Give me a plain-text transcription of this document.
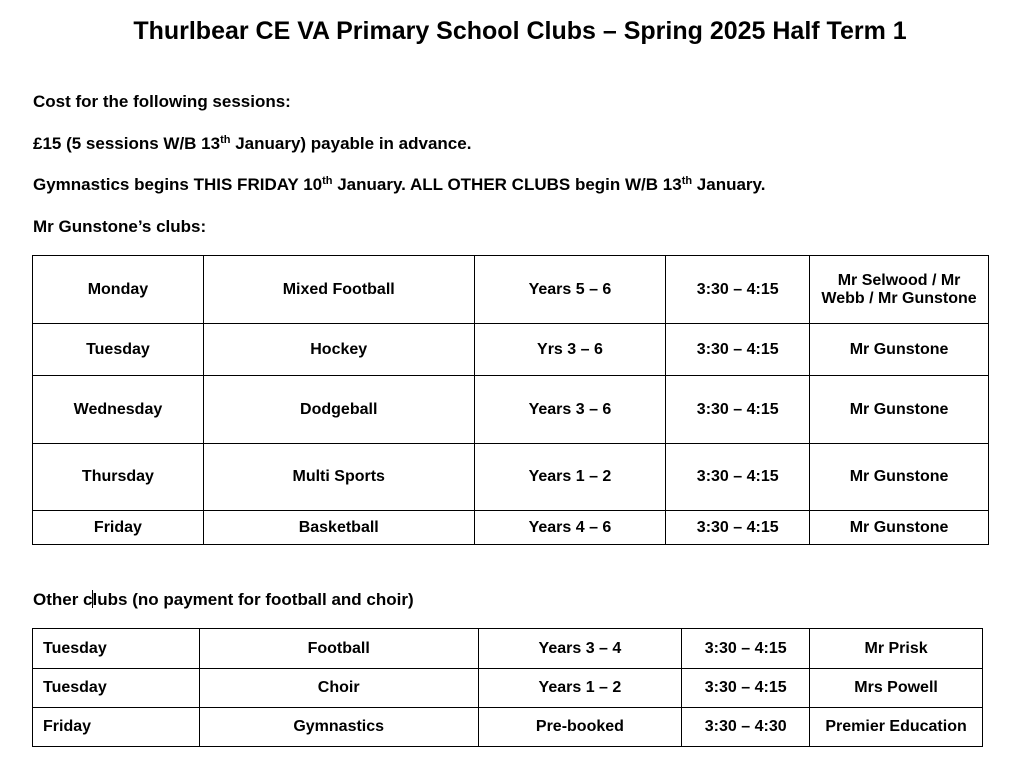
Thurlbear CE VA Primary School Clubs – Spring 2025 Half Term 1
Cost for the following sessions:
£15 (5 sessions W/B 13th January) payable in advance.
Gymnastics begins THIS FRIDAY 10th January. ALL OTHER CLUBS begin W/B 13th January.
Mr Gunstone’s clubs:
Monday	Mixed Football	Years 5 – 6	3:30 – 4:15	Mr Selwood / Mr Webb / Mr Gunstone
Tuesday	Hockey	Yrs 3 – 6	3:30 – 4:15	Mr Gunstone
Wednesday	Dodgeball	Years 3 – 6	3:30 – 4:15	Mr Gunstone
Thursday	Multi Sports	Years 1 – 2	3:30 – 4:15	Mr Gunstone
Friday	Basketball	Years 4 – 6	3:30 – 4:15	Mr Gunstone
Other clubs (no payment for football and choir)
Tuesday	Football	Years 3 – 4	3:30 – 4:15	Mr Prisk
Tuesday	Choir	Years 1 – 2	3:30 – 4:15	Mrs Powell
Friday	Gymnastics	Pre-booked	3:30 – 4:30	Premier Education
